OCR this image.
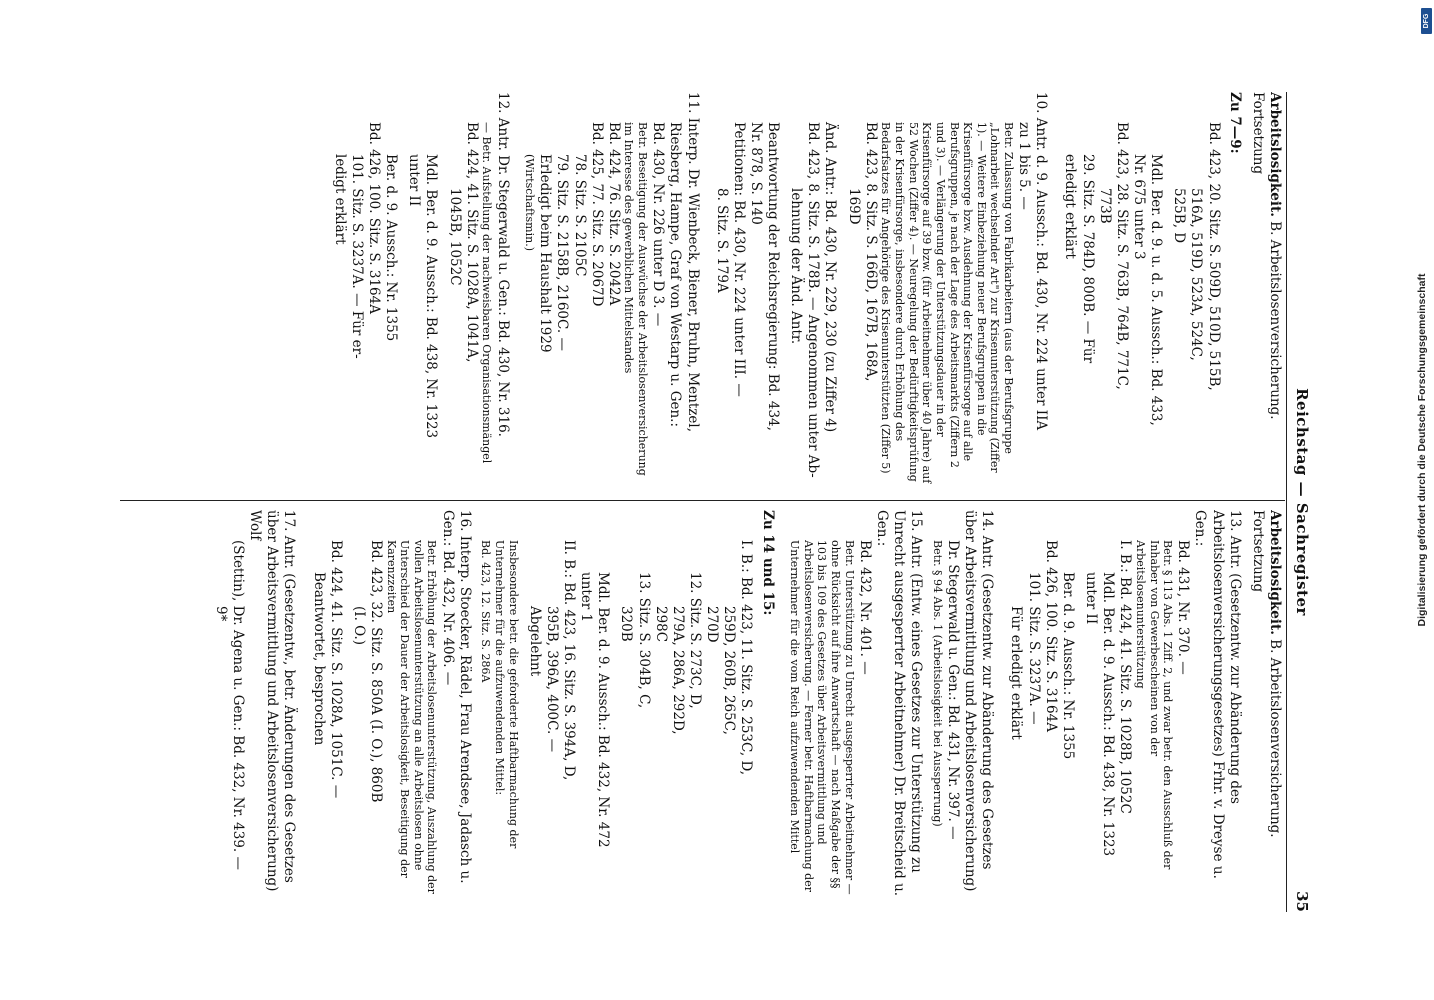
Reichstag — Sachregister
35
Arbeitslosigkeit. B. Arbeitslosenversicherung. Fortsetzung
Zu 7—9:
Bd. 423, 20. Sitz. S. 509D, 510D, 515B,
516A, 519D, 523A, 524C,
525B, D
Mdl. Ber. d. 9. u. d. 5. Aussch.: Bd. 433,
Nr. 675 unter 3
Bd. 423, 28. Sitz. S. 763B, 764B, 771C,
773B
29. Sitz. S. 784D, 800B. — Für
erledigt erklärt
10. Antr. d. 9. Aussch.: Bd. 430, Nr. 224 unter IIA
zu 1 bis 5. —
Betr. Zulassung von Fabrikarbeitern (aus der Berufsgruppe „Lohnarbeit wechselnder Art") zur Krisenunterstützung (Ziffer 1). — Weitere Einbeziehung neuer Berufsgruppen in die Krisenfürsorge bzw. Ausdehnung der Krisenfürsorge auf alle Berufsgruppen, je nach der Lage des Arbeitsmarkts (Ziffern 2 und 3). — Verlängerung der Unterstützungsdauer in der Krisenfürsorge auf 39 bzw. (für Arbeitnehmer über 40 Jahre) auf 52 Wochen (Ziffer 4). — Neuregelung der Bedürftigkeitsprüfung in der Krisenfürsorge, insbesondere durch Erhöhung des Bedarfsatzes für Angehörige des Krisenunterstützten (Ziffer 5)
Bd. 423, 8. Sitz. S. 166D, 167B, 168A,
169D
Änd. Antr.: Bd. 430, Nr. 229, 230 (zu Ziffer 4)
Bd. 423, 8. Sitz. S. 178B. — Angenommen unter Ab-
lehnung der Änd. Antr.
Beantwortung der Reichsregierung: Bd. 434,
Nr. 878, S. 140
Petitionen: Bd. 430, Nr. 224 unter III. —
8. Sitz. S. 179A
11. Interp. Dr. Wienbeck, Biener, Bruhn, Mentzel,
Riesberg, Hampe, Graf von Westarp u. Gen.:
Bd. 430, Nr. 226 unter D 3. —
Betr. Beseitigung der Auswüchse der Arbeitslosenversicherung im Interesse des gewerblichen Mittelstandes
Bd. 424, 76. Sitz. S. 2042A
Bd. 425, 77. Sitz. S. 2067D
78. Sitz. S. 2105C
79. Sitz. S. 2158B, 2160C. —
Erledigt beim Haushalt 1929
(Wirtschaftsmin.)
12. Antr. Dr. Stegerwald u. Gen.: Bd. 430, Nr. 316.
— Betr. Aufstellung der nachweisbaren Organisationsmängel
Bd. 424, 41. Sitz. S. 1028A, 1041A,
1045B, 1052C
Mdl. Ber. d. 9. Aussch.: Bd. 438, Nr. 1323
unter II
Ber. d. 9. Aussch.: Nr. 1355
Bd. 426, 100. Sitz. S. 3164A
101. Sitz. S. 3237A. — Für er-
ledigt erklärt
Arbeitslosigkeit. B. Arbeitslosenversicherung. Fortsetzung
13. Antr. (Gesetzentw. zur Abänderung des Arbeitslosenversicherungsgesetzes) Frhr. v. Dreyse u. Gen.:
Bd. 431, Nr. 370. —
Betr. § 113 Abs. 1 Ziff. 2, und zwar betr. den Ausschluß der Inhaber von Gewerbescheinen von der Arbeitslosenunterstützung
I. B.: Bd. 424, 41. Sitz. S. 1028B, 1052C
Mdl. Ber. d. 9. Aussch.: Bd. 438, Nr. 1323
unter II
Ber. d. 9. Aussch.: Nr. 1355
Bd. 426, 100. Sitz. S. 3164A
101. Sitz. S. 3237A. —
Für erledigt erklärt
14. Antr. (Gesetzentw. zur Abänderung des Gesetzes über Arbeitsvermittlung und Arbeitslosenversicherung)
Dr. Stegerwald u. Gen.: Bd. 431, Nr. 397. —
Betr. § 94 Abs. 1 (Arbeitslosigkeit bei Aussperrung)
15. Antr. (Entw. eines Gesetzes zur Unterstützung zu Unrecht ausgesperrter Arbeitnehmer) Dr. Breitscheid u. Gen.:
Bd. 432, Nr. 401. —
Betr. Unterstützung zu Unrecht ausgesperrter Arbeitnehmer — ohne Rücksicht auf ihre Anwartschaft — nach Maßgabe der §§ 103 bis 109 des Gesetzes über Arbeitsvermittlung und Arbeitslosenversicherung. — Ferner betr. Haftbarmachung der Unternehmer für die vom Reich aufzuwendenden Mittel
Zu 14 und 15:
I. B.: Bd. 423, 11. Sitz. S. 253C, D,
259D, 260B, 265C,
270D
12. Sitz. S. 273C, D,
279A, 286A, 292D,
298C
13. Sitz. S. 304B, C,
320B
Mdl. Ber. d. 9. Aussch.: Bd. 432, Nr. 472
unter 1
II. B.: Bd. 423, 16. Sitz. S. 394A, D,
395B, 396A, 400C. —
Abgelehnt
Insbesondere betr. die geforderte Haftbarmachung der Unternehmer für die aufzuwendenden Mittel:
Bd. 423, 12. Sitz. S. 286A
16. Interp. Stoecker, Rädel, Frau Arendsee, Jadasch u. Gen.: Bd. 432, Nr. 406. —
Betr. Erhöhung der Arbeitslosenunterstützung, Auszahlung der vollen Arbeitslosenunterstützung an alle Arbeitslosen ohne Unterschied der Dauer der Arbeitslosigkeit, Beseitigung der Karenzzeiten
Bd. 423, 32. Sitz. S. 850A (I. O.), 860B
(I. O.)
Bd. 424, 41. Sitz. S. 1028A, 1051C. —
Beantwortet, besprochen
17. Antr. (Gesetzentw., betr. Änderungen des Gesetzes über Arbeitsvermittlung und Arbeitslosenversicherung) Wolf
(Stettin), Dr. Agena u. Gen.: Bd. 432, Nr. 439. —
9*	Digitalisierung gefördert durch die Deutsche Forschungsgemeinschaft
DFG
